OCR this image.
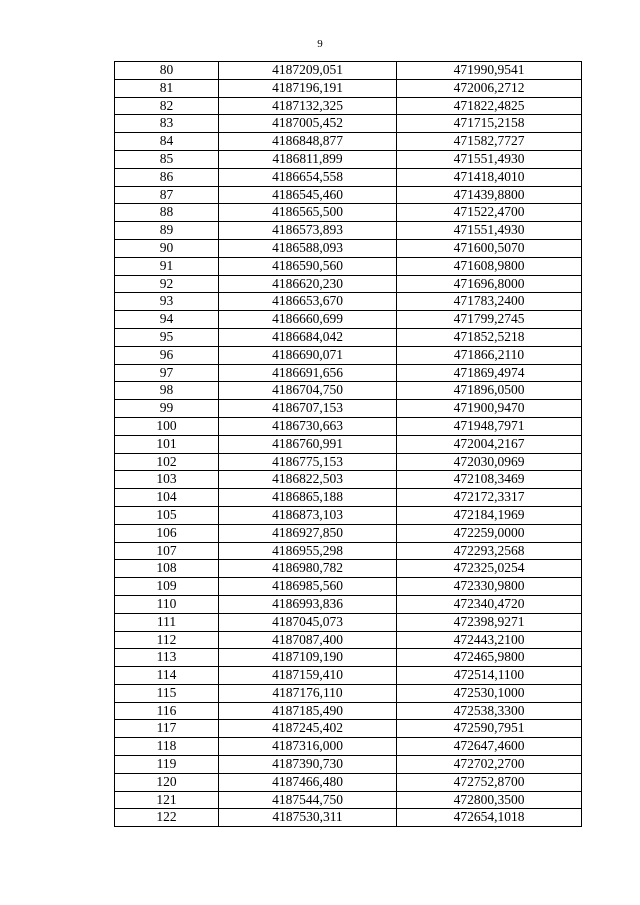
9
80	4187209,051	471990,9541
81	4187196,191	472006,2712
82	4187132,325	471822,4825
83	4187005,452	471715,2158
84	4186848,877	471582,7727
85	4186811,899	471551,4930
86	4186654,558	471418,4010
87	4186545,460	471439,8800
88	4186565,500	471522,4700
89	4186573,893	471551,4930
90	4186588,093	471600,5070
91	4186590,560	471608,9800
92	4186620,230	471696,8000
93	4186653,670	471783,2400
94	4186660,699	471799,2745
95	4186684,042	471852,5218
96	4186690,071	471866,2110
97	4186691,656	471869,4974
98	4186704,750	471896,0500
99	4186707,153	471900,9470
100	4186730,663	471948,7971
101	4186760,991	472004,2167
102	4186775,153	472030,0969
103	4186822,503	472108,3469
104	4186865,188	472172,3317
105	4186873,103	472184,1969
106	4186927,850	472259,0000
107	4186955,298	472293,2568
108	4186980,782	472325,0254
109	4186985,560	472330,9800
110	4186993,836	472340,4720
111	4187045,073	472398,9271
112	4187087,400	472443,2100
113	4187109,190	472465,9800
114	4187159,410	472514,1100
115	4187176,110	472530,1000
116	4187185,490	472538,3300
117	4187245,402	472590,7951
118	4187316,000	472647,4600
119	4187390,730	472702,2700
120	4187466,480	472752,8700
121	4187544,750	472800,3500
122	4187530,311	472654,1018
